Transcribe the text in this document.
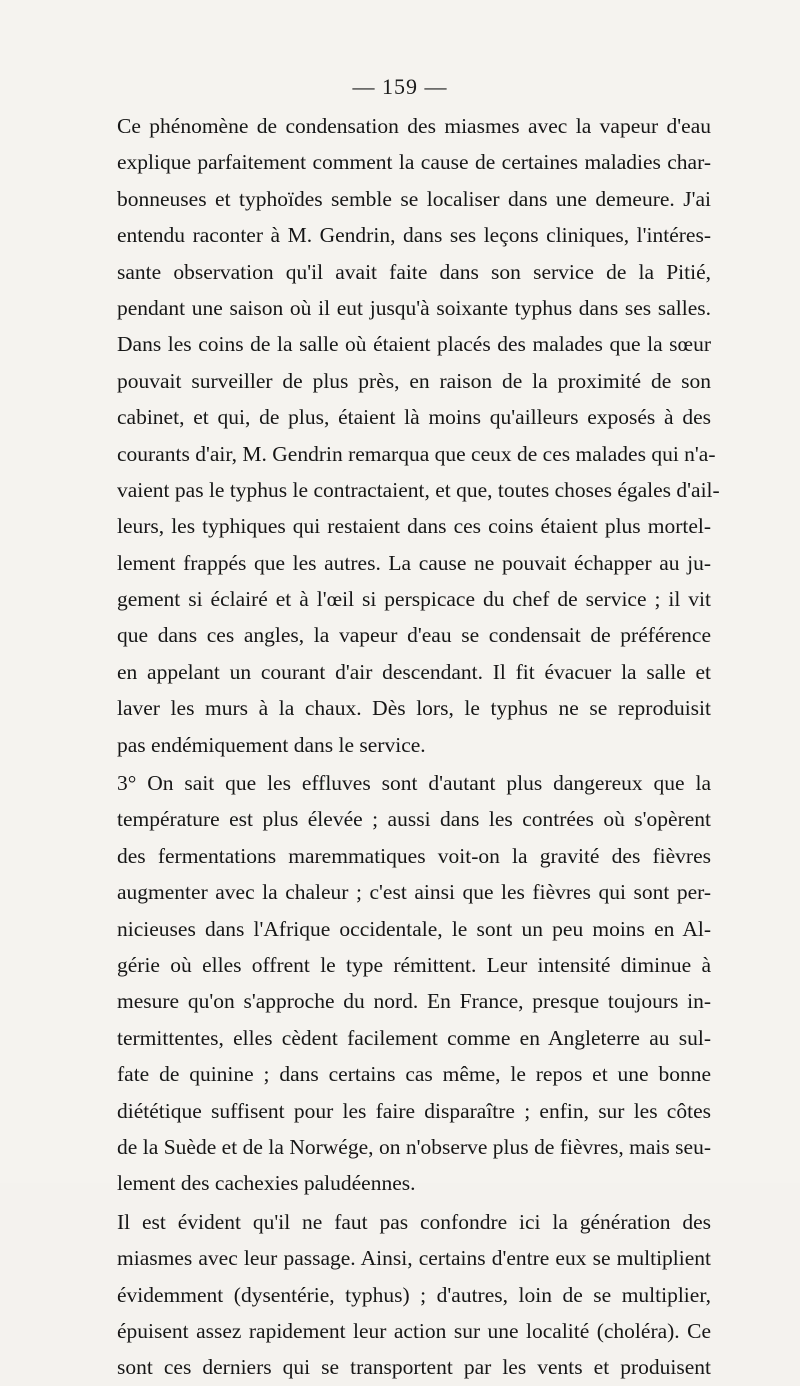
— 159 —
Ce phénomène de condensation des miasmes avec la vapeur d'eau
explique parfaitement comment la cause de certaines maladies char-
bonneuses et typhoïdes semble se localiser dans une demeure. J'ai
entendu raconter à M. Gendrin, dans ses leçons cliniques, l'intéres-
sante observation qu'il avait faite dans son service de la Pitié,
pendant une saison où il eut jusqu'à soixante typhus dans ses salles.
Dans les coins de la salle où étaient placés des malades que la sœur
pouvait surveiller de plus près, en raison de la proximité de son
cabinet, et qui, de plus, étaient là moins qu'ailleurs exposés à des
courants d'air, M. Gendrin remarqua que ceux de ces malades qui n'a-
vaient pas le typhus le contractaient, et que, toutes choses égales d'ail-
leurs, les typhiques qui restaient dans ces coins étaient plus mortel-
lement frappés que les autres. La cause ne pouvait échapper au ju-
gement si éclairé et à l'œil si perspicace du chef de service ; il vit
que dans ces angles, la vapeur d'eau se condensait de préférence
en appelant un courant d'air descendant. Il fit évacuer la salle et
laver les murs à la chaux. Dès lors, le typhus ne se reproduisit
pas endémiquement dans le service.
3° On sait que les effluves sont d'autant plus dangereux que la
température est plus élevée ; aussi dans les contrées où s'opèrent
des fermentations maremmatiques voit-on la gravité des fièvres
augmenter avec la chaleur ; c'est ainsi que les fièvres qui sont per-
nicieuses dans l'Afrique occidentale, le sont un peu moins en Al-
gérie où elles offrent le type rémittent. Leur intensité diminue à
mesure qu'on s'approche du nord. En France, presque toujours in-
termittentes, elles cèdent facilement comme en Angleterre au sul-
fate de quinine ; dans certains cas même, le repos et une bonne
diététique suffisent pour les faire disparaître ; enfin, sur les côtes
de la Suède et de la Norwége, on n'observe plus de fièvres, mais seu-
lement des cachexies paludéennes.
Il est évident qu'il ne faut pas confondre ici la génération des
miasmes avec leur passage. Ainsi, certains d'entre eux se multiplient
évidemment (dysentérie, typhus) ; d'autres, loin de se multiplier,
épuisent assez rapidement leur action sur une localité (choléra). Ce
sont ces derniers qui se transportent par les vents et produisent
